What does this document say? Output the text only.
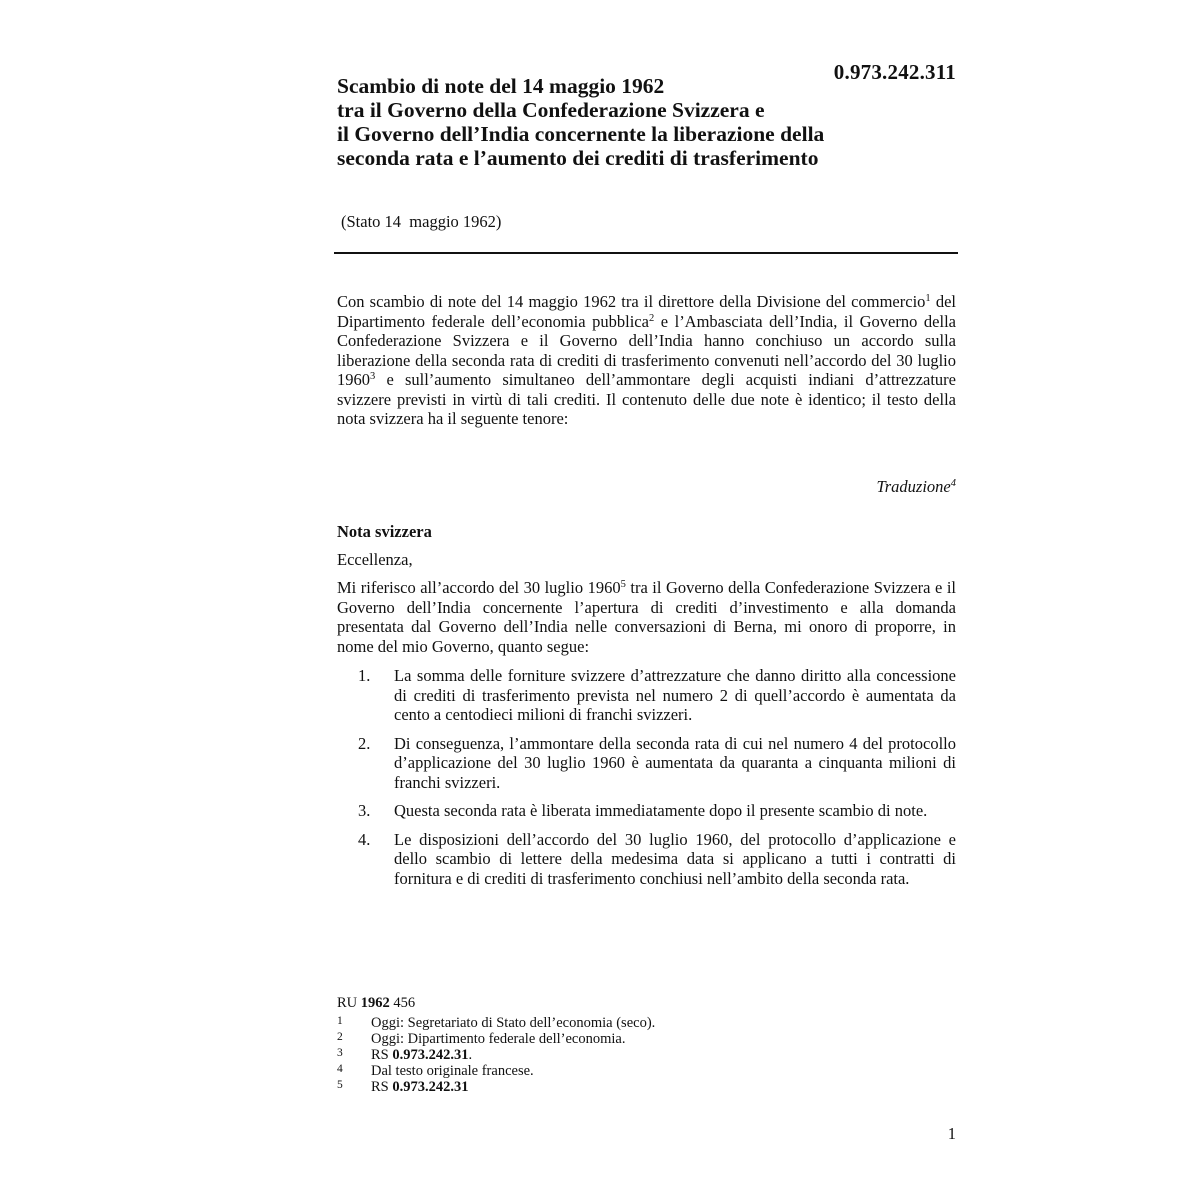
0.973.242.311
Scambio di note del 14 maggio 1962
tra il Governo della Confederazione Svizzera e
il Governo dell’India concernente la liberazione della
seconda rata e l’aumento dei crediti di trasferimento
(Stato 14  maggio 1962)

Con scambio di note del 14 maggio 1962 tra il direttore della Divisione del commercio$^1$ del Dipartimento federale dell’economia pubblica$^2$ e l’Ambasciata dell’India, il Governo della Confederazione Svizzera e il Governo dell’India hanno conchiuso un accordo sulla liberazione della seconda rata di crediti di trasferimento convenuti nell’accordo del 30 luglio 1960$^3$ e sull’aumento simultaneo dell’ammontare degli acquisti indiani d’attrezzature svizzere previsti in virtù di tali crediti. Il contenuto delle due note è identico; il testo della nota svizzera ha il seguente tenore:

Traduzione$^4$
Nota svizzera
Eccellenza,

Mi riferisco all’accordo del 30 luglio 1960$^5$ tra il Governo della Confederazione Svizzera e il Governo dell’India concernente l’apertura di crediti d’investimento e alla domanda presentata dal Governo dell’India nelle conversazioni di Berna, mi onoro di proporre, in nome del mio Governo, quanto segue:

1. La somma delle forniture svizzere d’attrezzature che danno diritto alla concessione di crediti di trasferimento prevista nel numero 2 di quell’accordo è aumentata da cento a centodieci milioni di franchi svizzeri.
2. Di conseguenza, l’ammontare della seconda rata di cui nel numero 4 del protocollo d’applicazione del 30 luglio 1960 è aumentata da quaranta a cinquanta milioni di franchi svizzeri.
3. Questa seconda rata è liberata immediatamente dopo il presente scambio di note.
4. Le disposizioni dell’accordo del 30 luglio 1960, del protocollo d’applicazione e dello scambio di lettere della medesima data si applicano a tutti i contratti di fornitura e di crediti di trasferimento conchiusi nell’ambito della seconda rata.
RU 1962 456
1 Oggi: Segretariato di Stato dell’economia (seco).
2 Oggi: Dipartimento federale dell’economia.
3 RS 0.973.242.31.
4 Dal testo originale francese.
5 RS 0.973.242.31
1
